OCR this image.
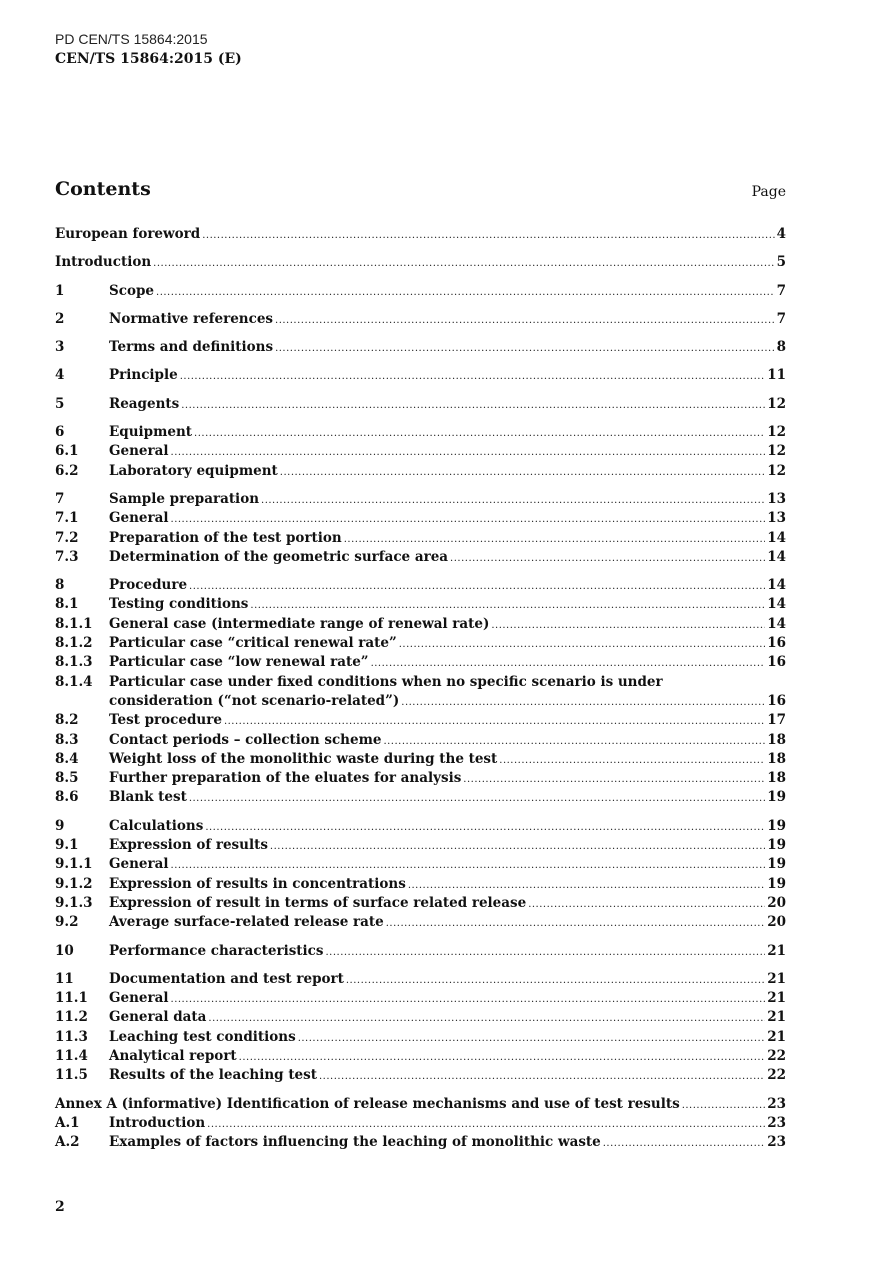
PD CEN/TS 15864:2015
CEN/TS 15864:2015 (E)
Contents	Page
European foreword .....	4
Introduction .....	5
1	Scope .....	7
2	Normative references .....	7
3	Terms and definitions .....	8
4	Principle .....	11
5	Reagents .....	12
6	Equipment .....	12
6.1	General .....	12
6.2	Laboratory equipment .....	12
7	Sample preparation .....	13
7.1	General .....	13
7.2	Preparation of the test portion .....	14
7.3	Determination of the geometric surface area .....	14
8	Procedure .....	14
8.1	Testing conditions .....	14
8.1.1	General case (intermediate range of renewal rate) .....	14
8.1.2	Particular case “critical renewal rate” .....	16
8.1.3	Particular case “low renewal rate” .....	16
8.1.4	Particular case under fixed conditions when no specific scenario is under
consideration (“not scenario-related”) .....	16
8.2	Test procedure .....	17
8.3	Contact periods – collection scheme .....	18
8.4	Weight loss of the monolithic waste during the test .....	18
8.5	Further preparation of the eluates for analysis .....	18
8.6	Blank test .....	19
9	Calculations .....	19
9.1	Expression of results .....	19
9.1.1	General .....	19
9.1.2	Expression of results in concentrations .....	19
9.1.3	Expression of result in terms of surface related release .....	20
9.2	Average surface-related release rate .....	20
10	Performance characteristics .....	21
11	Documentation and test report .....	21
11.1	General .....	21
11.2	General data .....	21
11.3	Leaching test conditions .....	21
11.4	Analytical report .....	22
11.5	Results of the leaching test .....	22
Annex A (informative) Identification of release mechanisms and use of test results .....	23
A.1	Introduction .....	23
A.2	Examples of factors influencing the leaching of monolithic waste .....	23
2
